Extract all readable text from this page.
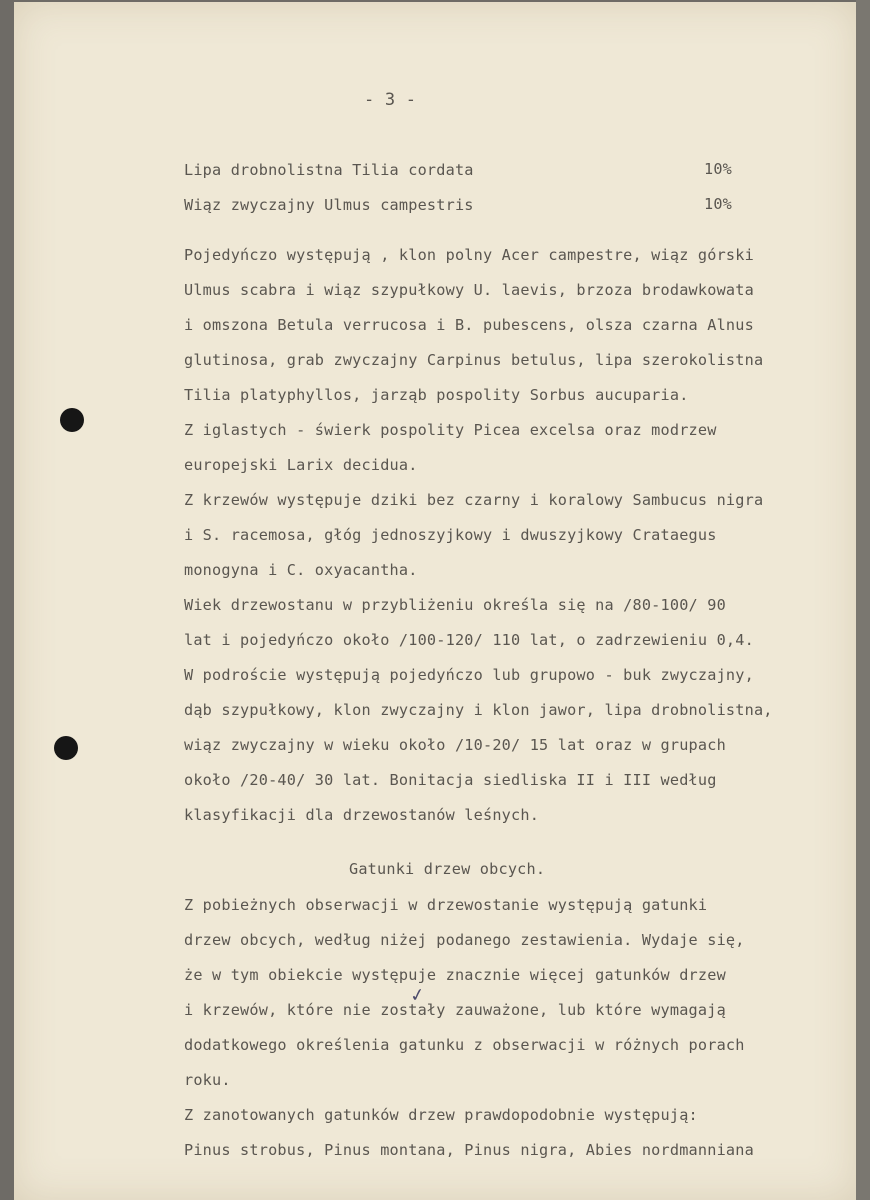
- 3 -
Lipa drobnolistna Tilia cordata	10%
Wiąz zwyczajny Ulmus campestris	10%
Pojedyńczo występują , klon polny Acer campestre, wiąz górski
Ulmus scabra i wiąz szypułkowy U. laevis, brzoza brodawkowata
i omszona Betula verrucosa i B. pubescens, olsza czarna Alnus
glutinosa, grab zwyczajny Carpinus betulus, lipa szerokolistna
Tilia platyphyllos, jarząb pospolity Sorbus aucuparia.
Z iglastych - świerk pospolity Picea excelsa oraz modrzew
europejski Larix decidua.
Z krzewów występuje dziki bez czarny i koralowy Sambucus nigra
i S. racemosa, głóg jednoszyjkowy i dwuszyjkowy Crataegus
monogyna i C. oxyacantha.
Wiek drzewostanu w przybliżeniu określa się na /80-100/ 90
lat i pojedyńczo około /100-120/ 110 lat, o zadrzewieniu 0,4.
W podroście występują pojedyńczo lub grupowo - buk zwyczajny,
dąb szypułkowy, klon zwyczajny i klon jawor, lipa drobnolistna,
wiąz zwyczajny w wieku około /10-20/ 15 lat oraz w grupach
około /20-40/ 30 lat. Bonitacja siedliska II i III według
klasyfikacji dla drzewostanów leśnych.
Gatunki drzew obcych.
Z pobieżnych obserwacji w drzewostanie występują gatunki
drzew obcych, według niżej podanego zestawienia. Wydaje się,
że w tym obiekcie występuje znacznie więcej gatunków drzew
i krzewów, które nie zostały zauważone, lub które wymagają
dodatkowego określenia gatunku z obserwacji w różnych porach
roku.
Z zanotowanych gatunków drzew prawdopodobnie występują:
Pinus strobus, Pinus montana, Pinus nigra, Abies nordmanniana
✓
